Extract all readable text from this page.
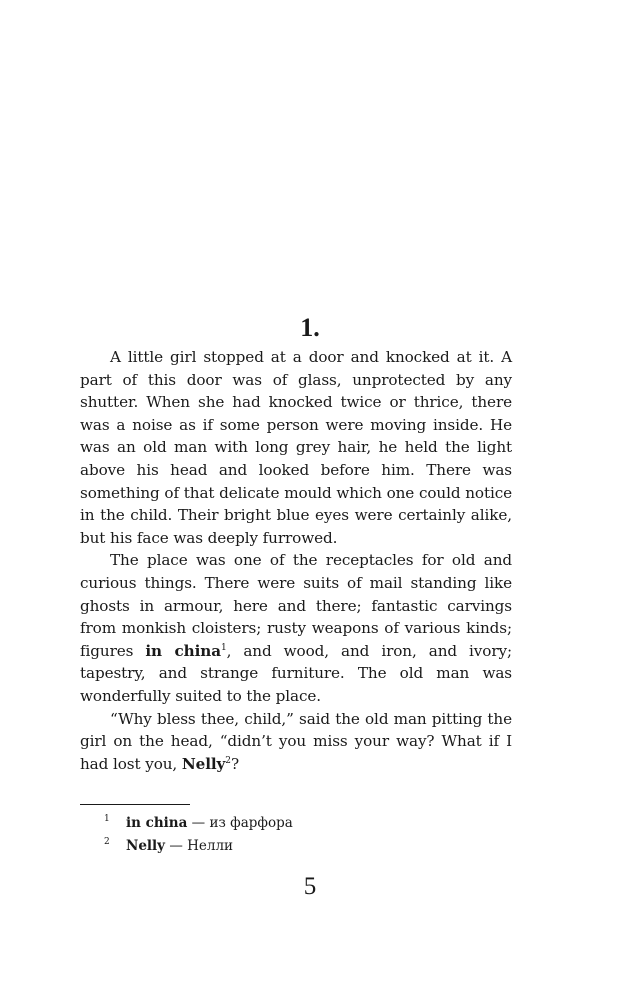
1.

A little girl stopped at a door and knocked at it. A part of this door was of glass, unprotected by any shutter. When she had knocked twice or thrice, there was a noise as if some person were moving inside. He was an old man with long grey hair, he held the light above his head and looked before him. There was something of that delicate mould which one could notice in the child. Their bright blue eyes were certainly alike, but his face was deeply furrowed.

The place was one of the receptacles for old and curious things. There were suits of mail standing like ghosts in armour, here and there; fantastic carvings from monkish cloisters; rusty weapons of various kinds; figures in china$^1$, and wood, and iron, and ivory; tapestry, and strange furniture. The old man was wonderfully suited to the place.

“Why bless thee, child,” said the old man pitting the girl on the head, “didn’t you miss your way? What if I had lost you, Nelly$^2$?

1 in china — из фарфора
2 Nelly — Нелли
5
